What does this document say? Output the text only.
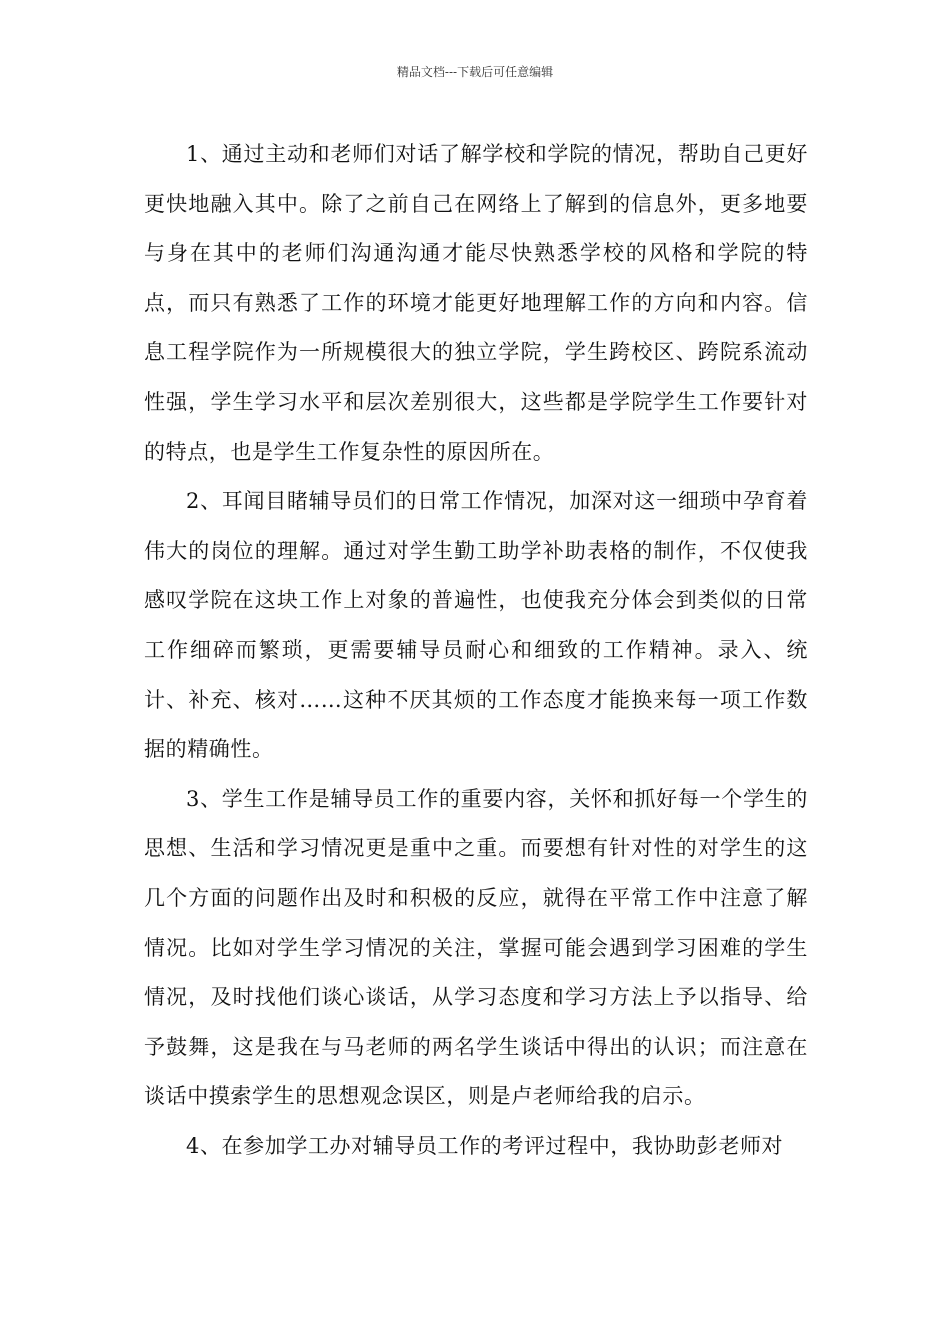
精品文档---下载后可任意编辑

1、通过主动和老师们对话了解学校和学院的情况，帮助自己更好更快地融入其中。除了之前自己在网络上了解到的信息外，更多地要与身在其中的老师们沟通沟通才能尽快熟悉学校的风格和学院的特点，而只有熟悉了工作的环境才能更好地理解工作的方向和内容。信息工程学院作为一所规模很大的独立学院，学生跨校区、跨院系流动性强，学生学习水平和层次差别很大，这些都是学院学生工作要针对的特点，也是学生工作复杂性的原因所在。

2、耳闻目睹辅导员们的日常工作情况，加深对这一细琐中孕育着伟大的岗位的理解。通过对学生勤工助学补助表格的制作，不仅使我感叹学院在这块工作上对象的普遍性，也使我充分体会到类似的日常工作细碎而繁琐，更需要辅导员耐心和细致的工作精神。录入、统计、补充、核对……这种不厌其烦的工作态度才能换来每一项工作数据的精确性。

3、学生工作是辅导员工作的重要内容，关怀和抓好每一个学生的思想、生活和学习情况更是重中之重。而要想有针对性的对学生的这几个方面的问题作出及时和积极的反应，就得在平常工作中注意了解情况。比如对学生学习情况的关注，掌握可能会遇到学习困难的学生情况，及时找他们谈心谈话，从学习态度和学习方法上予以指导、给予鼓舞，这是我在与马老师的两名学生谈话中得出的认识；而注意在谈话中摸索学生的思想观念误区，则是卢老师给我的启示。

4、在参加学工办对辅导员工作的考评过程中，我协助彭老师对
